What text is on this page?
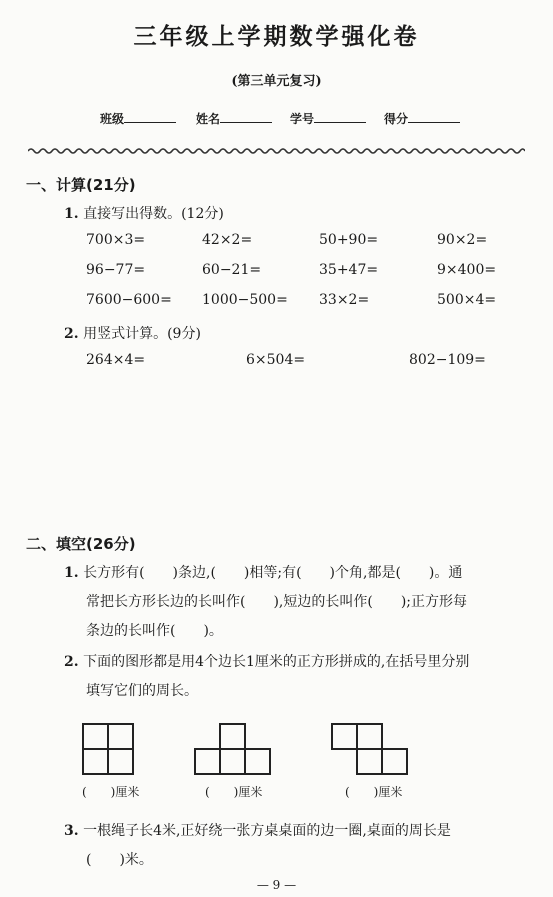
三年级上学期数学强化卷
(第三单元复习)
班级	姓名	学号	得分
一、计算(21分)
1. 直接写出得数。(12分)
700×3=	42×2=	50+90=	90×2=
96−77=	60−21=	35+47=	9×400=
7600−600= 1000−500= 33×2=	500×4=
2. 用竖式计算。(9分)
264×4=	6×504=	802−109=
二、填空(26分)
1. 长方形有(　　)条边,(　　)相等;有(　　)个角,都是(　　)。通
常把长方形长边的长叫作(　　),短边的长叫作(　　);正方形每
条边的长叫作(　　)。
2. 下面的图形都是用4个边长1厘米的正方形拼成的,在括号里分别
填写它们的周长。
(　　)厘米	(　　)厘米	(　　)厘米
3. 一根绳子长4米,正好绕一张方桌桌面的边一圈,桌面的周长是
(　　)米。
— 9 —
